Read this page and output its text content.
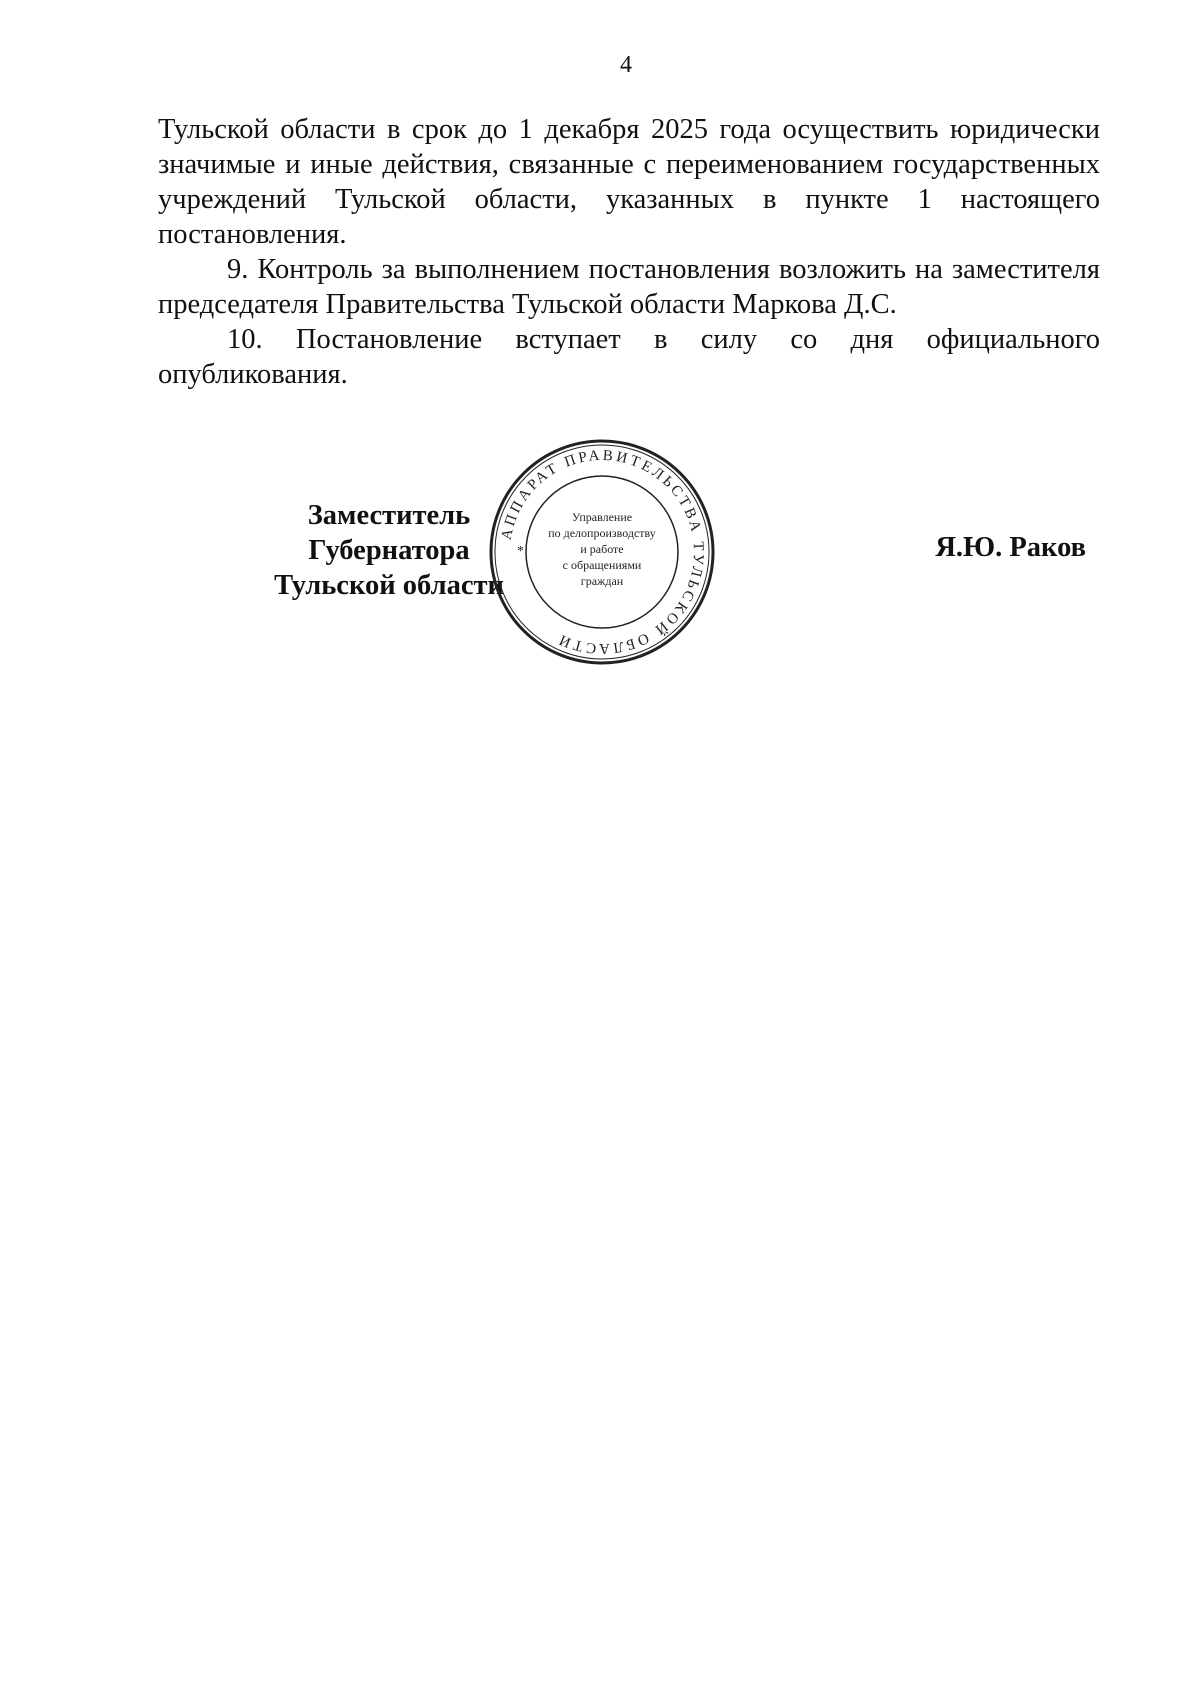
4

Тульской области в срок до 1 декабря 2025 года осуществить юридически значимые и иные действия, связанные с переименованием государственных учреждений Тульской области, указанных в пункте 1 настоящего постановления.

9. Контроль за выполнением постановления возложить на заместителя председателя Правительства Тульской области Маркова Д.С.

10. Постановление вступает в силу со дня официального опубликования.

Заместитель Губернатора
Тульской области
Я.Ю. Раков
АППАРАТ ПРАВИТЕЛЬСТВА ТУЛЬСКОЙ ОБЛАСТИ
*
Управление
по делопроизводству
и работе
с обращениями
граждан
